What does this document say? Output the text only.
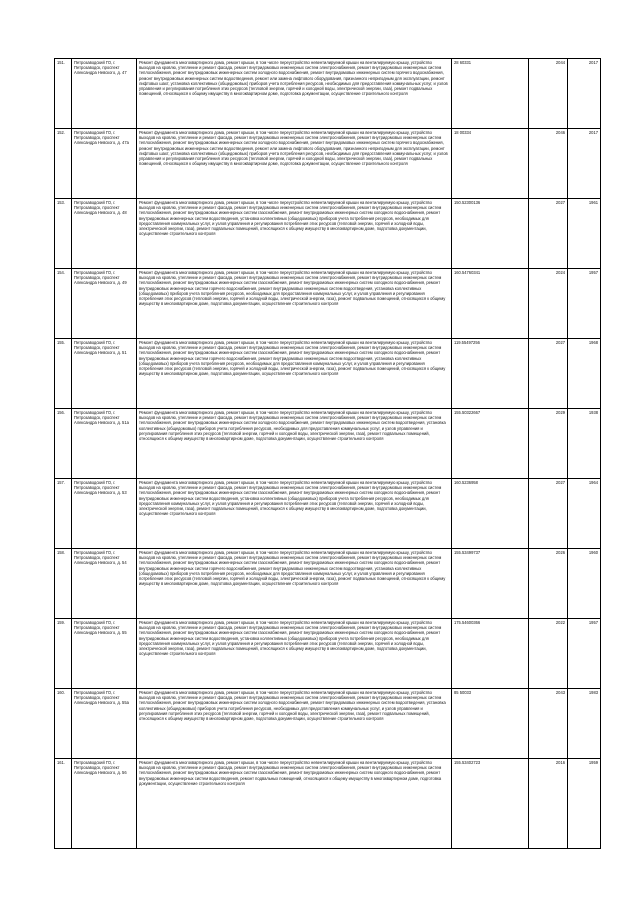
151.	Петрозаводский ГО, г. Петрозаводск, проспект Александра Невского, д. 47	Ремонт фундамента многоквартирного дома, ремонт крыши, в том числе переустройство невентилируемой крыши на вентилируемую крышу, устройство выходов на кровлю, утепление и ремонт фасада, ремонт внутридомовых инженерных систем электроснабжения, ремонт внутридомовых инженерных систем теплоснабжения, ремонт внутридомовых инженерных систем холодного водоснабжения, ремонт внутридомовых инженерных систем горячего водоснабжения, ремонт внутридомовых инженерных систем водоотведения, ремонт или замена лифтового оборудования, признанного непригодным для эксплуатации, ремонт лифтовых шахт, установка коллективных (общедомовых) приборов учета потребления ресурсов, необходимых для предоставления коммунальных услуг, и узлов управления и регулирования потребления этих ресурсов (тепловой энергии, горячей и холодной воды, электрической энергии, газа), ремонт подвальных помещений, относящихся к общему имуществу в многоквартирном доме, подготовка документации, осуществление строительного контроля	28 60331	2044	2017
152.	Петрозаводский ГО, г. Петрозаводск, проспект Александра Невского, д. 47а	Ремонт фундамента многоквартирного дома, ремонт крыши, в том числе переустройство невентилируемой крыши на вентилируемую крышу, устройство выходов на кровлю, утепление и ремонт фасада, ремонт внутридомовых инженерных систем электроснабжения, ремонт внутридомовых инженерных систем теплоснабжения, ремонт внутридомовых инженерных систем холодного водоснабжения, ремонт внутридомовых инженерных систем горячего водоснабжения, ремонт внутридомовых инженерных систем водоотведения, ремонт или замена лифтового оборудования, признанного непригодным для эксплуатации, ремонт лифтовых шахт, установка коллективных (общедомовых) приборов учета потребления ресурсов, необходимых для предоставления коммунальных услуг, и узлов управления и регулирования потребления этих ресурсов (тепловой энергии, горячей и холодной воды, электрической энергии, газа), ремонт подвальных помещений, относящихся к общему имуществу в многоквартирном доме, подготовка документации, осуществление строительного контроля	18 00334	2046	2017
153.	Петрозаводский ГО, г. Петрозаводск, проспект Александра Невского, д. 48	Ремонт фундамента многоквартирного дома, ремонт крыши, в том числе переустройство невентилируемой крыши на вентилируемую крышу, устройство выходов на кровлю, утепление и ремонт фасада, ремонт внутридомовых инженерных систем электроснабжения, ремонт внутридомовых инженерных систем теплоснабжения, ремонт внутридомовых инженерных систем газоснабжения, ремонт внутридомовых инженерных систем холодного водоснабжения, ремонт внутридомовых инженерных систем водоотведения, установка коллективных (общедомовых) приборов учета потребления ресурсов, необходимых для предоставления коммунальных услуг, и узлов управления и регулирования потребления этих ресурсов (тепловой энергии, горячей и холодной воды, электрической энергии, газа), ремонт подвальных помещений, относящихся к общему имуществу в многоквартирном доме, подготовка документации, осуществление строительного контроля	150.52300136	2027	1961
154.	Петрозаводский ГО, г. Петрозаводск, проспект Александра Невского, д. 49	Ремонт фундамента многоквартирного дома, ремонт крыши, в том числе переустройство невентилируемой крыши на вентилируемую крышу, устройство выходов на кровлю, утепление и ремонт фасада, ремонт внутридомовых инженерных систем электроснабжения, ремонт внутридомовых инженерных систем теплоснабжения, ремонт внутридомовых инженерных систем газоснабжения, ремонт внутридомовых инженерных систем холодного водоснабжения, ремонт внутридомовых инженерных систем горячего водоснабжения, ремонт внутридомовых инженерных систем водоотведения, установка коллективных (общедомовых) приборов учета потребления ресурсов, необходимых для предоставления коммунальных услуг, и узлов управления и регулирования потребления этих ресурсов (тепловой энергии, горячей и холодной воды, электрической энергии, газа), ремонт подвальных помещений, относящихся к общему имуществу в многоквартирном доме, подготовка документации, осуществление строительного контроля	160.54760341	2024	1957
155.	Петрозаводский ГО, г. Петрозаводск, проспект Александра Невского, д. 51	Ремонт фундамента многоквартирного дома, ремонт крыши, в том числе переустройство невентилируемой крыши на вентилируемую крышу, устройство выходов на кровлю, утепление и ремонт фасада, ремонт внутридомовых инженерных систем электроснабжения, ремонт внутридомовых инженерных систем теплоснабжения, ремонт внутридомовых инженерных систем газоснабжения, ремонт внутридомовых инженерных систем холодного водоснабжения, ремонт внутридомовых инженерных систем горячего водоснабжения, ремонт внутридомовых инженерных систем водоотведения, установка коллективных (общедомовых) приборов учета потребления ресурсов, необходимых для предоставления коммунальных услуг, и узлов управления и регулирования потребления этих ресурсов (тепловой энергии, горячей и холодной воды, электрической энергии, газа), ремонт подвальных помещений, относящихся к общему имуществу в многоквартирном доме, подготовка документации, осуществление строительного контроля	119.55497256	2027	1968
156.	Петрозаводский ГО, г. Петрозаводск, проспект Александра Невского, д. 51а	Ремонт фундамента многоквартирного дома, ремонт крыши, в том числе переустройство невентилируемой крыши на вентилируемую крышу, устройство выходов на кровлю, утепление и ремонт фасада, ремонт внутридомовых инженерных систем электроснабжения, ремонт внутридомовых инженерных систем теплоснабжения, ремонт внутридомовых инженерных систем холодного водоснабжения, ремонт внутридомовых инженерных систем водоотведения, установка коллективных (общедомовых) приборов учета потребления ресурсов, необходимых для предоставления коммунальных услуг, и узлов управления и регулирования потребления этих ресурсов (тепловой энергии, горячей и холодной воды, электрической энергии, газа), ремонт подвальных помещений, относящихся к общему имуществу в многоквартирном доме, подготовка документации, осуществление строительного контроля	155.50322667	2029	1938
157.	Петрозаводский ГО, г. Петрозаводск, проспект Александра Невского, д. 53	Ремонт фундамента многоквартирного дома, ремонт крыши, в том числе переустройство невентилируемой крыши на вентилируемую крышу, устройство выходов на кровлю, утепление и ремонт фасада, ремонт внутридомовых инженерных систем электроснабжения, ремонт внутридомовых инженерных систем теплоснабжения, ремонт внутридомовых инженерных систем газоснабжения, ремонт внутридомовых инженерных систем холодного водоснабжения, ремонт внутридомовых инженерных систем водоотведения, установка коллективных (общедомовых) приборов учета потребления ресурсов, необходимых для предоставления коммунальных услуг, и узлов управления и регулирования потребления этих ресурсов (тепловой энергии, горячей и холодной воды, электрической энергии, газа), ремонт подвальных помещений, относящихся к общему имуществу в многоквартирном доме, подготовка документации, осуществление строительного контроля	160.5236958	2027	1964
158.	Петрозаводский ГО, г. Петрозаводск, проспект Александра Невского, д. 54	Ремонт фундамента многоквартирного дома, ремонт крыши, в том числе переустройство невентилируемой крыши на вентилируемую крышу, устройство выходов на кровлю, утепление и ремонт фасада, ремонт внутридомовых инженерных систем электроснабжения, ремонт внутридомовых инженерных систем теплоснабжения, ремонт внутридомовых инженерных систем газоснабжения, ремонт внутридомовых инженерных систем холодного водоснабжения, ремонт внутридомовых инженерных систем горячего водоснабжения, ремонт внутридомовых инженерных систем водоотведения, установка коллективных (общедомовых) приборов учета потребления ресурсов, необходимых для предоставления коммунальных услуг, и узлов управления и регулирования потребления этих ресурсов (тепловой энергии, горячей и холодной воды, электрической энергии, газа), ремонт подвальных помещений, относящихся к общему имуществу в многоквартирном доме, подготовка документации, осуществление строительного контроля	155.53499737	2026	1960
159.	Петрозаводский ГО, г. Петрозаводск, проспект Александра Невского, д. 55	Ремонт фундамента многоквартирного дома, ремонт крыши, в том числе переустройство невентилируемой крыши на вентилируемую крышу, устройство выходов на кровлю, утепление и ремонт фасада, ремонт внутридомовых инженерных систем электроснабжения, ремонт внутридомовых инженерных систем теплоснабжения, ремонт внутридомовых инженерных систем газоснабжения, ремонт внутридомовых инженерных систем холодного водоснабжения, ремонт внутридомовых инженерных систем водоотведения, установка коллективных (общедомовых) приборов учета потребления ресурсов, необходимых для предоставления коммунальных услуг, и узлов управления и регулирования потребления этих ресурсов (тепловой энергии, горячей и холодной воды, электрической энергии, газа), ремонт подвальных помещений, относящихся к общему имуществу в многоквартирном доме, подготовка документации, осуществление строительного контроля	175.54600366	2022	1957
160.	Петрозаводский ГО, г. Петрозаводск, проспект Александра Невского, д. 55а	Ремонт фундамента многоквартирного дома, ремонт крыши, в том числе переустройство невентилируемой крыши на вентилируемую крышу, устройство выходов на кровлю, утепление и ремонт фасада, ремонт внутридомовых инженерных систем электроснабжения, ремонт внутридомовых инженерных систем теплоснабжения, ремонт внутридомовых инженерных систем холодного водоснабжения, ремонт внутридомовых инженерных систем водоотведения, установка коллективных (общедомовых) приборов учета потребления ресурсов, необходимых для предоставления коммунальных услуг, и узлов управления и регулирования потребления этих ресурсов (тепловой энергии, горячей и холодной воды, электрической энергии, газа), ремонт подвальных помещений, относящихся к общему имуществу в многоквартирном доме, подготовка документации, осуществление строительного контроля	85 50033	2043	1983
161.	Петрозаводский ГО, г. Петрозаводск, проспект Александра Невского, д. 56	Ремонт фундамента многоквартирного дома, ремонт крыши, в том числе переустройство невентилируемой крыши на вентилируемую крышу, устройство выходов на кровлю, утепление и ремонт фасада, ремонт внутридомовых инженерных систем электроснабжения, ремонт внутридомовых инженерных систем теплоснабжения, ремонт внутридомовых инженерных систем газоснабжения, ремонт внутридомовых инженерных систем холодного водоснабжения, ремонт внутридомовых инженерных систем водоотведения, ремонт подвальных помещений, относящихся к общему имуществу в многоквартирном доме, подготовка документации, осуществление строительного контроля	155.53402723	2016	1959
